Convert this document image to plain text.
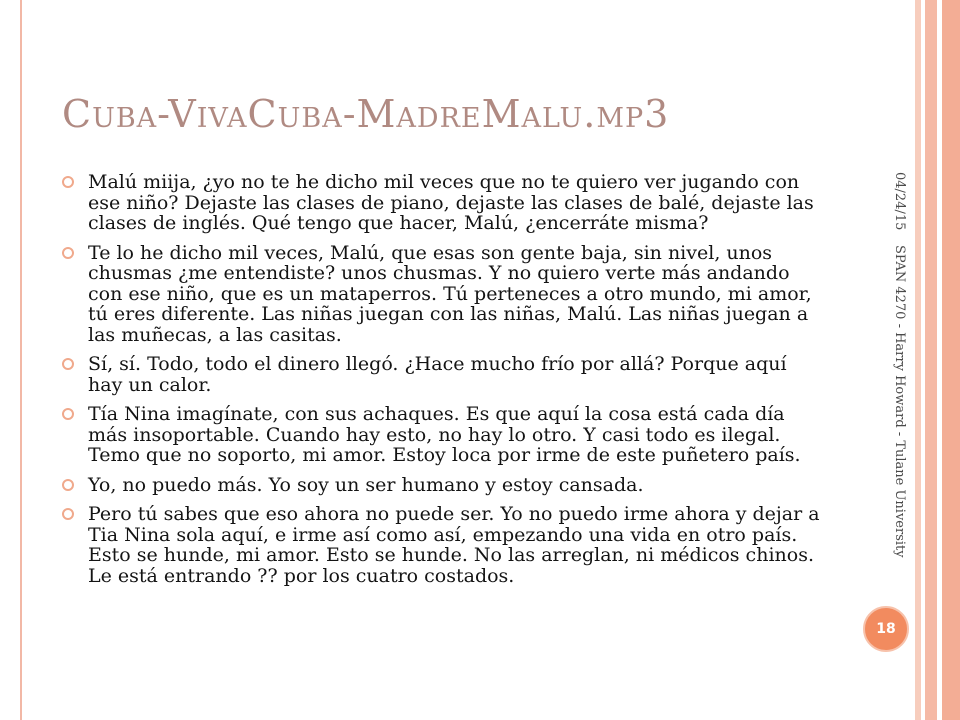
Cuba-VivaCuba-MadreMalu.mp3
Malú miija, ¿yo no te he dicho mil veces que no te quiero ver jugando con ese niño? Dejaste las clases de piano, dejaste las clases de balé, dejaste las clases de inglés. Qué tengo que hacer, Malú, ¿encerráte misma?
Te lo he dicho mil veces, Malú, que esas son gente baja, sin nivel, unos chusmas ¿me entendiste? unos chusmas. Y no quiero verte más andando con ese niño, que es un mataperros. Tú perteneces a otro mundo, mi amor, tú eres diferente. Las niñas juegan con las niñas, Malú. Las niñas juegan a las muñecas, a las casitas.
Sí, sí. Todo, todo el dinero llegó. ¿Hace mucho frío por allá? Porque aquí hay un calor.
Tía Nina imagínate, con sus achaques. Es que aquí la cosa está cada día más insoportable. Cuando hay esto, no hay lo otro. Y casi todo es ilegal. Temo que no soporto, mi amor. Estoy loca por irme de este puñetero país.
Yo, no puedo más. Yo soy un ser humano y estoy cansada.
Pero tú sabes que eso ahora no puede ser. Yo no puedo irme ahora y dejar a Tia Nina sola aquí, e irme así como así, empezando una vida en otro país. Esto se hunde, mi amor. Esto se hunde. No las arreglan, ni médicos chinos. Le está entrando ?? por los cuatro costados.
04/24/15
SPAN 4270 - Harry Howard - Tulane University
18
